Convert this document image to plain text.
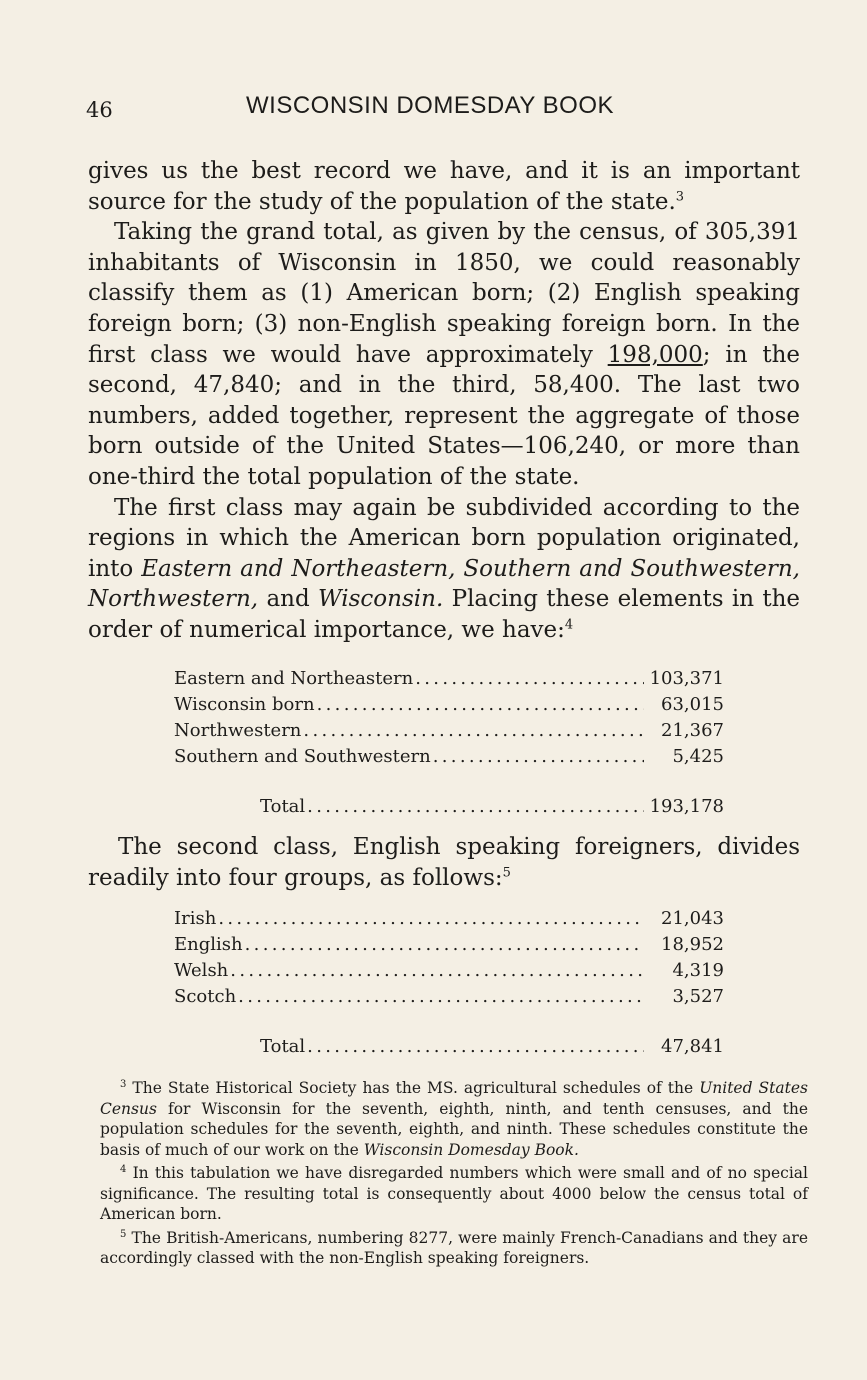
46	WISCONSIN DOMESDAY BOOK

gives us the best record we have, and it is an important source for the study of the population of the state.$^3$

Taking the grand total, as given by the census, of 305,391 inhabitants of Wisconsin in 1850, we could reasonably classify them as (1) American born; (2) English speaking foreign born; (3) non-English speaking foreign born. In the first class we would have approximately 198,000; in the second, 47,840; and in the third, 58,400. The last two numbers, added together, represent the aggregate of those born outside of the United States—106,240, or more than one-third the total population of the state.

The first class may again be subdivided according to the regions in which the American born population originated, into Eastern and Northeastern, Southern and Southwestern, Northwestern, and Wisconsin. Placing these elements in the order of numerical importance, we have:$^4$

Eastern and Northeastern . . .	103,371
Wisconsin born . . .	63,015
Northwestern . . .	21,367
Southern and Southwestern . . .	5,425
Total . . .	193,178

The second class, English speaking foreigners, divides readily into four groups, as follows:$^5$

Irish . . .	21,043
English . . .	18,952
Welsh . . .	4,319
Scotch . . .	3,527
Total . . .	47,841

$^3$ The State Historical Society has the MS. agricultural schedules of the United States Census for Wisconsin for the seventh, eighth, ninth, and tenth censuses, and the population schedules for the seventh, eighth, and ninth. These schedules constitute the basis of much of our work on the Wisconsin Domesday Book.

$^4$ In this tabulation we have disregarded numbers which were small and of no special significance. The resulting total is consequently about 4000 below the census total of American born.

$^5$ The British-Americans, numbering 8277, were mainly French-Canadians and they are accordingly classed with the non-English speaking foreigners.
